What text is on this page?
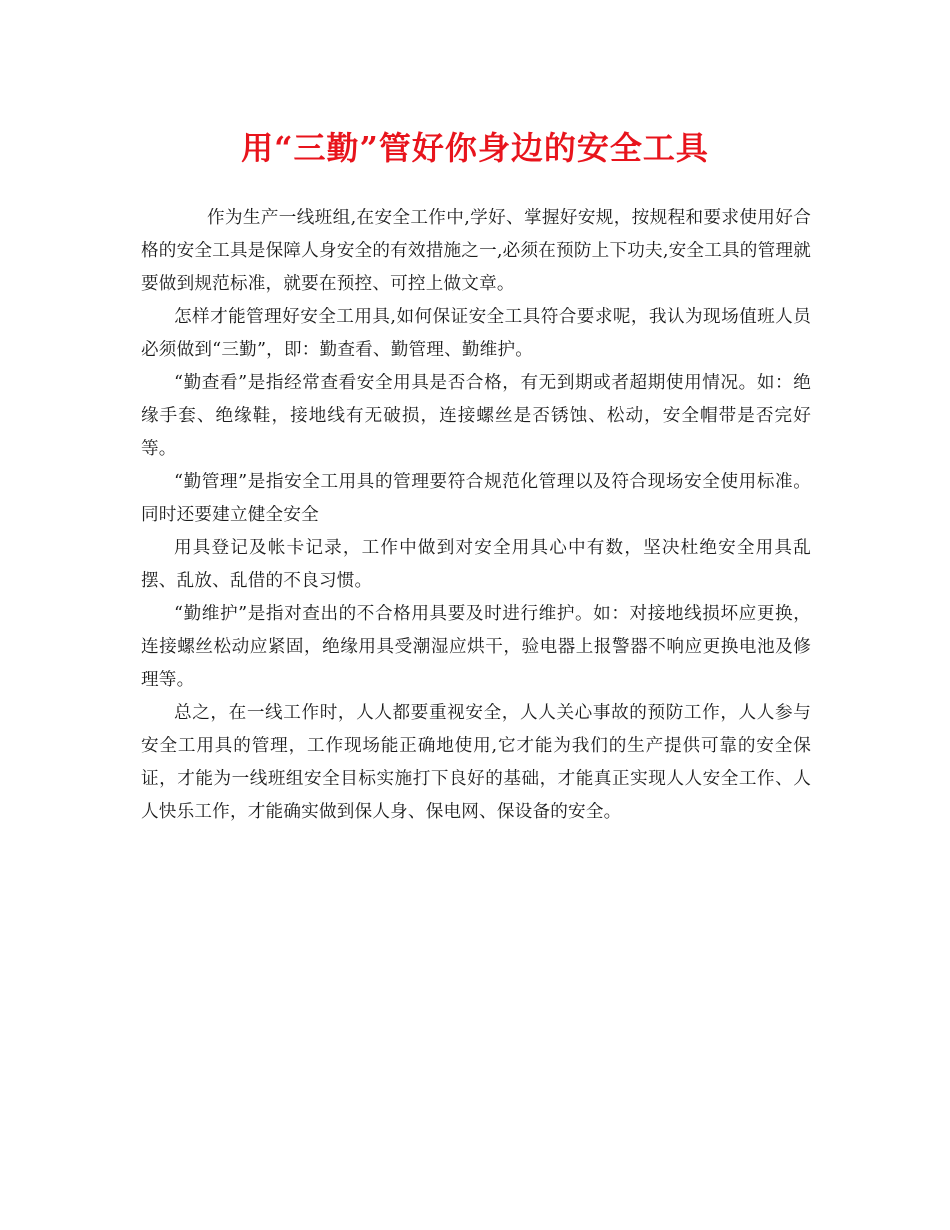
用“三勤”管好你身边的安全工具

作为生产一线班组,在安全工作中,学好、掌握好安规，按规程和要求使用好合格的安全工具是保障人身安全的有效措施之一,必须在预防上下功夫,安全工具的管理就要做到规范标准，就要在预控、可控上做文章。

怎样才能管理好安全工用具,如何保证安全工具符合要求呢，我认为现场值班人员必须做到“三勤”，即：勤查看、勤管理、勤维护。

“勤查看”是指经常查看安全用具是否合格，有无到期或者超期使用情况。如：绝缘手套、绝缘鞋，接地线有无破损，连接螺丝是否锈蚀、松动，安全帽带是否完好等。

“勤管理”是指安全工用具的管理要符合规范化管理以及符合现场安全使用标准。同时还要建立健全安全

用具登记及帐卡记录，工作中做到对安全用具心中有数，坚决杜绝安全用具乱摆、乱放、乱借的不良习惯。

“勤维护”是指对查出的不合格用具要及时进行维护。如：对接地线损坏应更换，连接螺丝松动应紧固，绝缘用具受潮湿应烘干，验电器上报警器不响应更换电池及修理等。

总之，在一线工作时，人人都要重视安全，人人关心事故的预防工作，人人参与安全工用具的管理，工作现场能正确地使用,它才能为我们的生产提供可靠的安全保证，才能为一线班组安全目标实施打下良好的基础，才能真正实现人人安全工作、人人快乐工作，才能确实做到保人身、保电网、保设备的安全。
